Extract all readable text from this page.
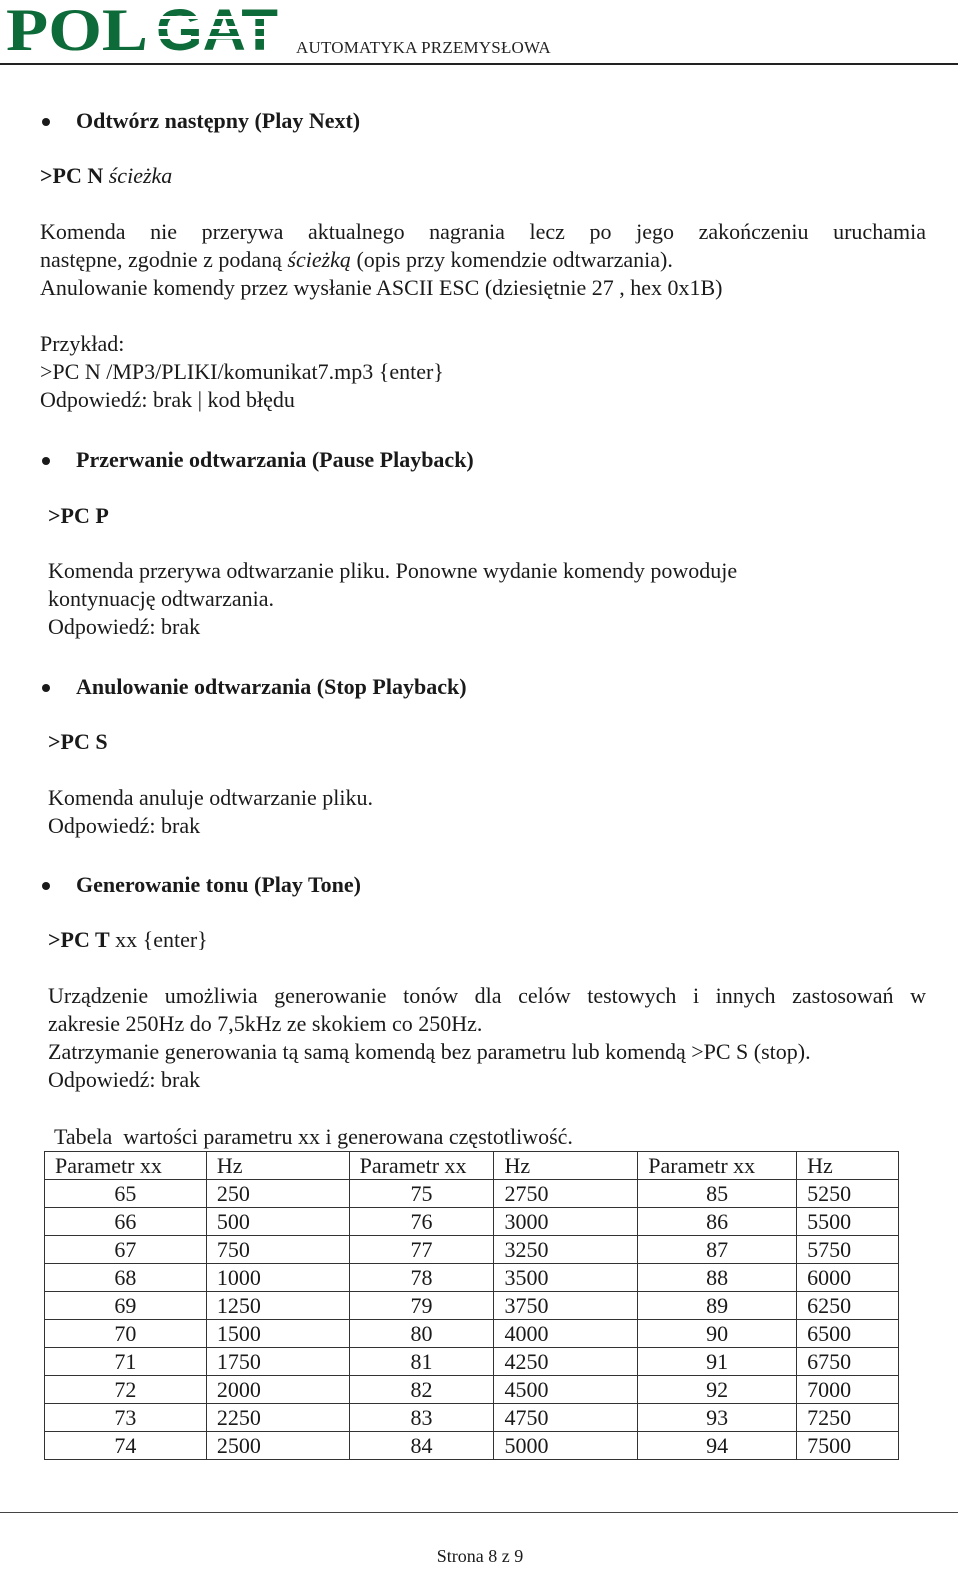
POL	AUTOMATYKA PRZEMYSŁOWA
Odtwórz następny (Play Next)
>PC N ścieżka
Komenda nie przerywa aktualnego nagrania lecz po jego zakończeniu uruchamia
następne, zgodnie z podaną ścieżką (opis przy komendzie odtwarzania).
Anulowanie komendy przez wysłanie ASCII ESC (dziesiętnie 27 , hex 0x1B)
Przykład:
>PC N /MP3/PLIKI/komunikat7.mp3 {enter}
Odpowiedź: brak | kod błędu
Przerwanie odtwarzania (Pause Playback)
>PC P
Komenda przerywa odtwarzanie pliku. Ponowne wydanie komendy powoduje
kontynuację odtwarzania.
Odpowiedź: brak
Anulowanie odtwarzania (Stop Playback)
>PC S
Komenda anuluje odtwarzanie pliku.
Odpowiedź: brak
Generowanie tonu (Play Tone)
>PC T xx {enter}
Urządzenie umożliwia generowanie tonów dla celów testowych i innych zastosowań w
zakresie 250Hz do 7,5kHz ze skokiem co 250Hz.
Zatrzymanie generowania tą samą komendą bez parametru lub komendą >PC S (stop).
Odpowiedź: brak
Tabela  wartości parametru xx i generowana częstotliwość.
Parametr xx	Hz	Parametr xx	Hz	Parametr xx	Hz
65	250	75	2750	85	5250
66	500	76	3000	86	5500
67	750	77	3250	87	5750
68	1000	78	3500	88	6000
69	1250	79	3750	89	6250
70	1500	80	4000	90	6500
71	1750	81	4250	91	6750
72	2000	82	4500	92	7000
73	2250	83	4750	93	7250
74	2500	84	5000	94	7500
Strona 8 z 9
